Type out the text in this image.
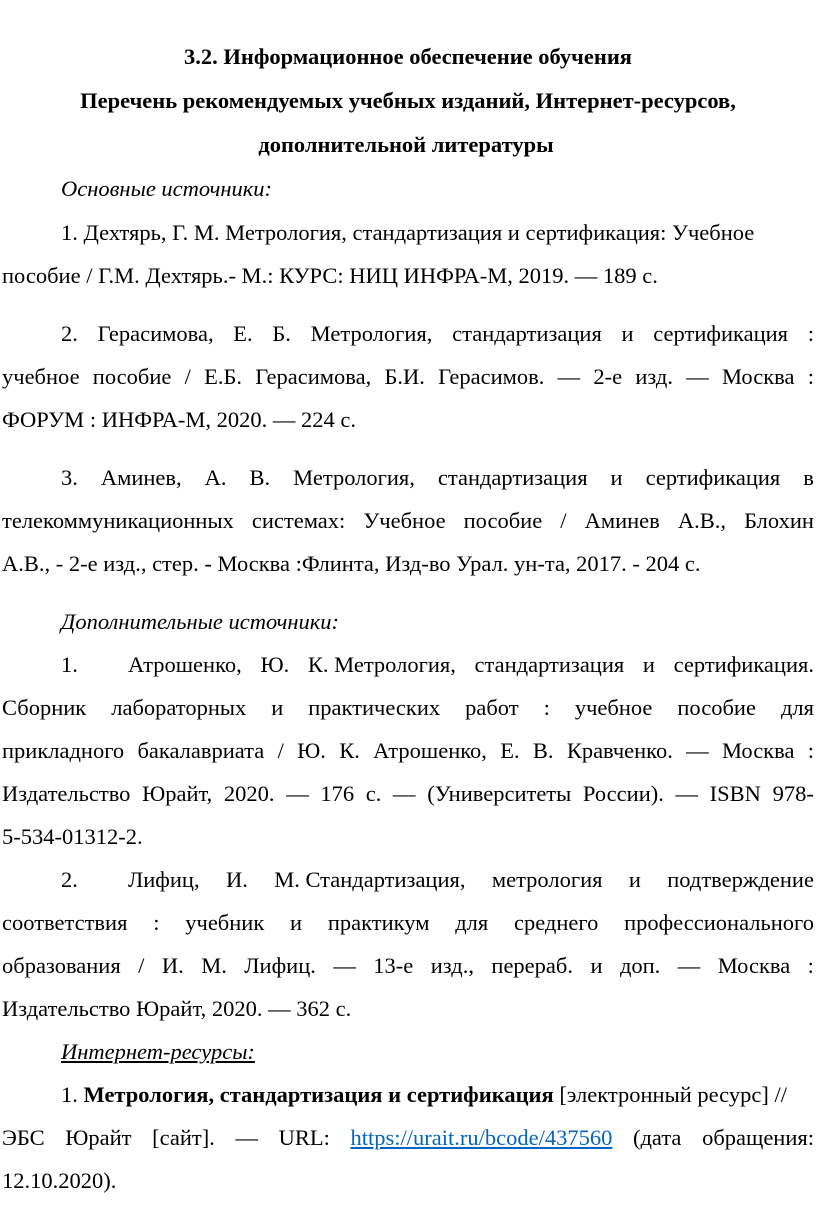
3.2. Информационное обеспечение обучения
Перечень рекомендуемых учебных изданий, Интернет-ресурсов,
дополнительной литературы
Основные источники:
1. Дехтярь, Г. М. Метрология, стандартизация и сертификация: Учебное
пособие / Г.М. Дехтярь.- М.: КУРС: НИЦ ИНФРА-М, 2019. — 189 с.
2. Герасимова, Е. Б. Метрология, стандартизация и сертификация :
учебное пособие / Е.Б. Герасимова, Б.И. Герасимов. — 2-е изд. — Москва :
ФОРУМ : ИНФРА-М, 2020. — 224 с.
3. Аминев, А. В. Метрология, стандартизация и сертификация в
телекоммуникационных системах: Учебное пособие / Аминев А.В., Блохин
А.В., - 2-е изд., стер. - Москва :Флинта, Изд-во Урал. ун-та, 2017. - 204 с.
Дополнительные источники:
1. Атрошенко, Ю. К. Метрология, стандартизация и сертификация.
Сборник лабораторных и практических работ : учебное пособие для
прикладного бакалавриата / Ю. К. Атрошенко, Е. В. Кравченко. — Москва :
Издательство Юрайт, 2020. — 176 с. — (Университеты России). — ISBN 978-
5-534-01312-2.
2. Лифиц, И. М. Стандартизация, метрология и подтверждение
соответствия : учебник и практикум для среднего профессионального
образования / И. М. Лифиц. — 13-е изд., перераб. и доп. — Москва :
Издательство Юрайт, 2020. — 362 с.
Интернет-ресурсы:
1. Метрология, стандартизация и сертификация [электронный ресурс] //
ЭБС Юрайт [сайт]. — URL: https://urait.ru/bcode/437560 (дата обращения:
12.10.2020).
